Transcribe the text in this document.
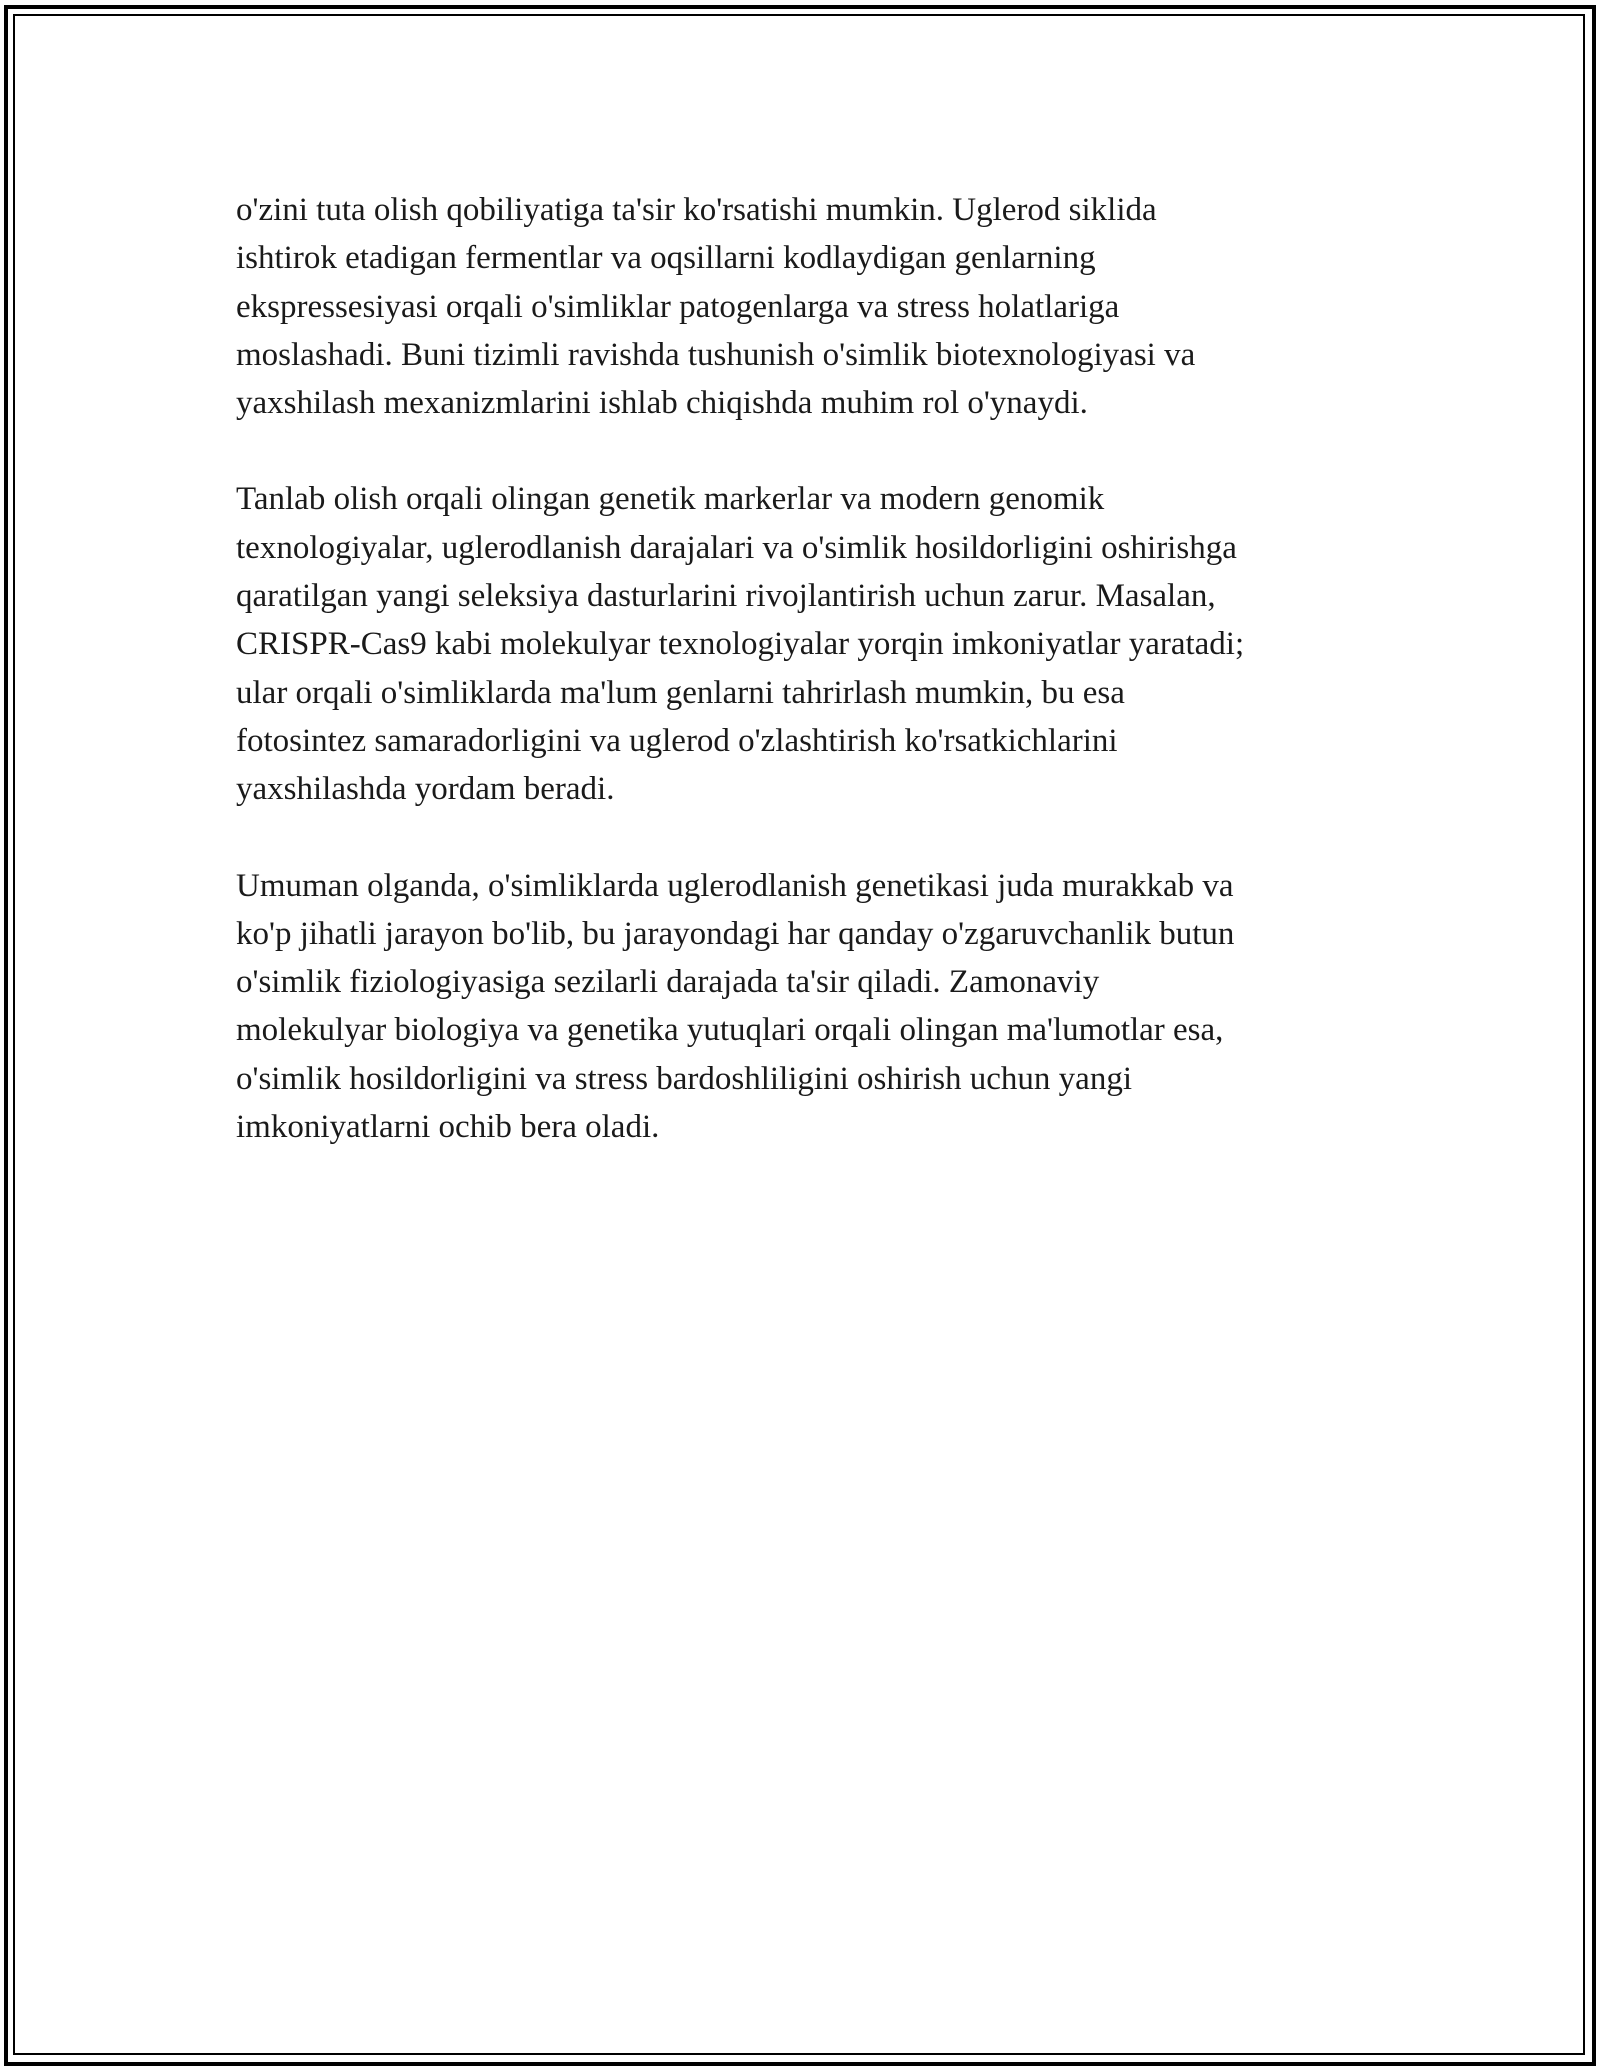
o'zini tuta olish qobiliyatiga ta'sir ko'rsatishi mumkin. Uglerod siklida
ishtirok etadigan fermentlar va oqsillarni kodlaydigan genlarning
ekspressesiyasi orqali o'simliklar patogenlarga va stress holatlariga
moslashadi. Buni tizimli ravishda tushunish o'simlik biotexnologiyasi va
yaxshilash mexanizmlarini ishlab chiqishda muhim rol o'ynaydi.

Tanlab olish orqali olingan genetik markerlar va modern genomik
texnologiyalar, uglerodlanish darajalari va o'simlik hosildorligini oshirishga
qaratilgan yangi seleksiya dasturlarini rivojlantirish uchun zarur. Masalan,
CRISPR-Cas9 kabi molekulyar texnologiyalar yorqin imkoniyatlar yaratadi;
ular orqali o'simliklarda ma'lum genlarni tahrirlash mumkin, bu esa
fotosintez samaradorligini va uglerod o'zlashtirish ko'rsatkichlarini
yaxshilashda yordam beradi.

Umuman olganda, o'simliklarda uglerodlanish genetikasi juda murakkab va
ko'p jihatli jarayon bo'lib, bu jarayondagi har qanday o'zgaruvchanlik butun
o'simlik fiziologiyasiga sezilarli darajada ta'sir qiladi. Zamonaviy
molekulyar biologiya va genetika yutuqlari orqali olingan ma'lumotlar esa,
o'simlik hosildorligini va stress bardoshliligini oshirish uchun yangi
imkoniyatlarni ochib bera oladi.
